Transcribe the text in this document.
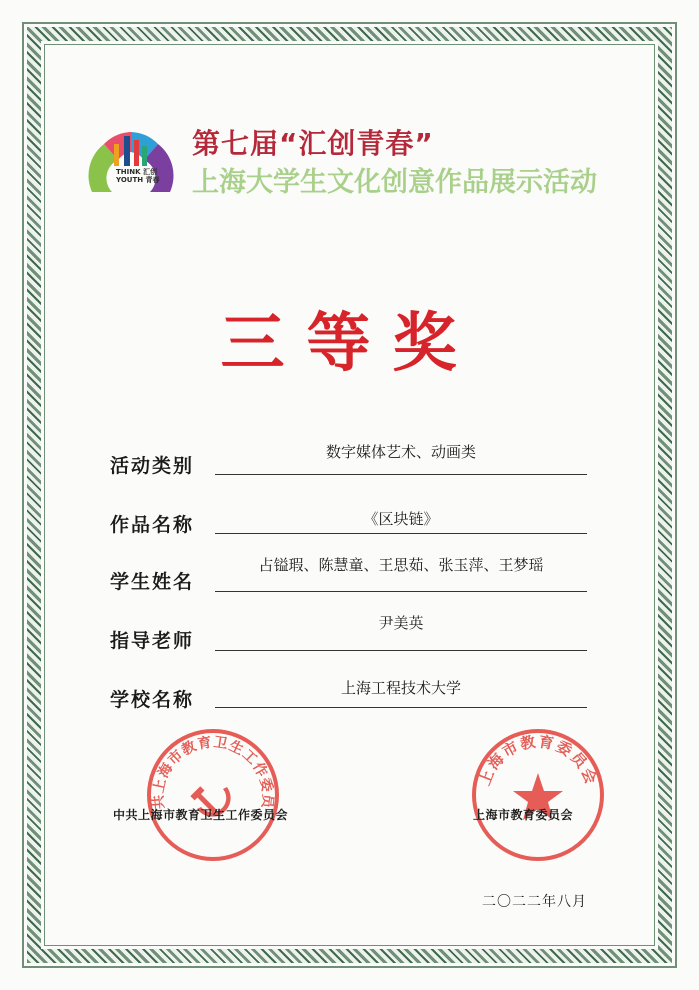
THINK 汇创
YOUTH 青春
第七届“汇创青春”
上海大学生文化创意作品展示活动
三等奖
活动类别
数字媒体艺术、动画类
作品名称	《区块链》
学生姓名
占镒瑕、陈慧童、王思茹、张玉萍、王梦瑶
指导老师
尹美英
学校名称
上海工程技术大学
共上海市教育卫生工作委员
上海市教育委员会
中共上海市教育卫生工作委员会	上海市教育委员会
二〇二二年八月
